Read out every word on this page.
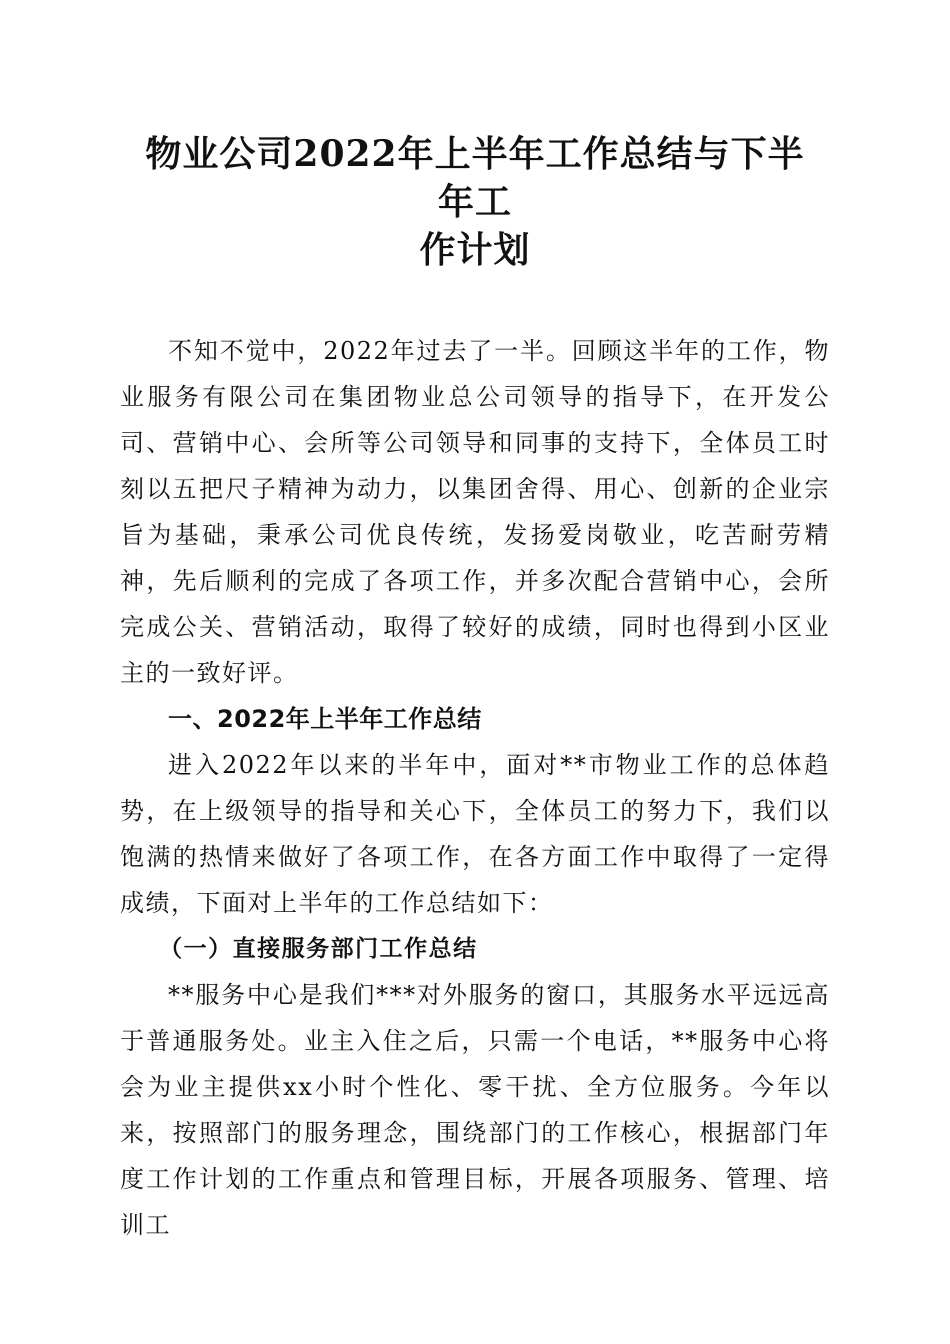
物业公司2022年上半年工作总结与下半年工
作计划

不知不觉中，2022年过去了一半。回顾这半年的工作，物业服务有限公司在集团物业总公司领导的指导下，在开发公司、营销中心、会所等公司领导和同事的支持下，全体员工时刻以五把尺子精神为动力，以集团舍得、用心、创新的企业宗旨为基础，秉承公司优良传统，发扬爱岗敬业，吃苦耐劳精神，先后顺利的完成了各项工作，并多次配合营销中心，会所完成公关、营销活动，取得了较好的成绩，同时也得到小区业主的一致好评。

一、2022年上半年工作总结

进入2022年以来的半年中，面对**市物业工作的总体趋势，在上级领导的指导和关心下，全体员工的努力下，我们以饱满的热情来做好了各项工作，在各方面工作中取得了一定得成绩，下面对上半年的工作总结如下：

（一）直接服务部门工作总结

**服务中心是我们***对外服务的窗口，其服务水平远远高于普通服务处。业主入住之后，只需一个电话，**服务中心将会为业主提供xx小时个性化、零干扰、全方位服务。今年以来，按照部门的服务理念，围绕部门的工作核心，根据部门年度工作计划的工作重点和管理目标，开展各项服务、管理、培训工
